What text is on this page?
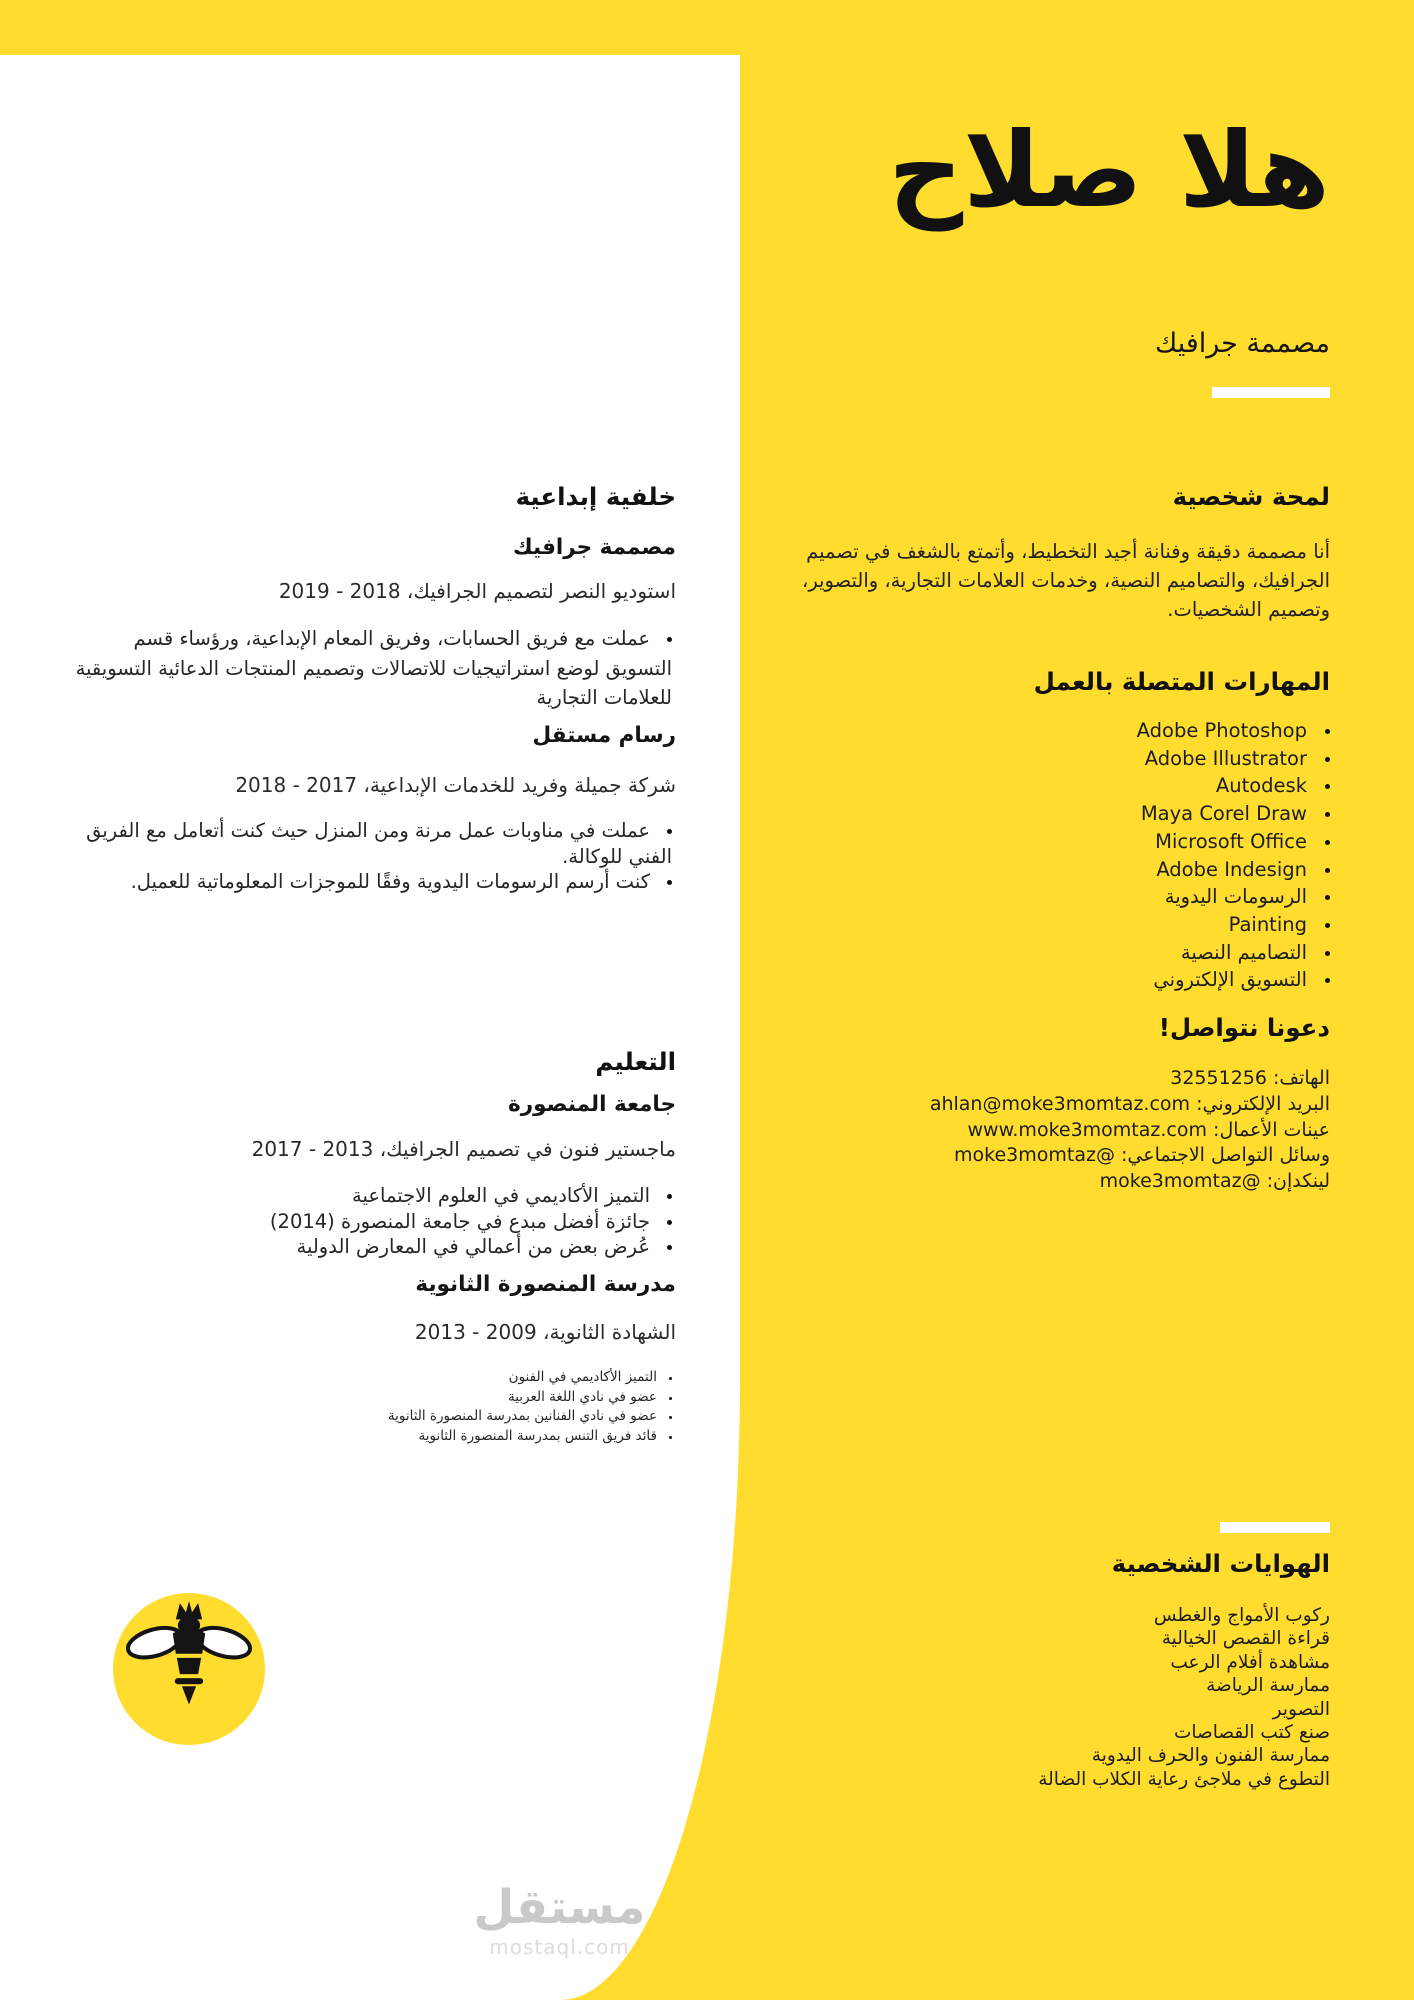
هلا صلاح
مصممة جرافيك
لمحة شخصية

أنا مصممة دقيقة وفنانة أجيد التخطيط، وأتمتع بالشغف في تصميم الجرافيك، والتصاميم النصية، وخدمات العلامات التجارية، والتصوير، وتصميم الشخصيات.

المهارات المتصلة بالعمل
• Adobe Photoshop
• Adobe Illustrator
• Autodesk
• Maya Corel Draw
• Microsoft Office
• Adobe Indesign
• الرسومات اليدوية
• Painting
• التصاميم النصية
• التسويق الإلكتروني
دعونا نتواصل!
الهاتف: 32551256
البريد الإلكتروني: ahlan@moke3momtaz.com
عينات الأعمال: www.moke3momtaz.com
وسائل التواصل الاجتماعي: @moke3momtaz
لينكدإن: @moke3momtaz
الهوايات الشخصية
ركوب الأمواج والغطس
قراءة القصص الخيالية
مشاهدة أفلام الرعب
ممارسة الرياضة
التصوير
صنع كتب القصاصات
ممارسة الفنون والحرف اليدوية
التطوع في ملاجئ رعاية الكلاب الضالة
خلفية إبداعية
مصممة جرافيك
استوديو النصر لتصميم الجرافيك، 2018 - 2019
• عملت مع فريق الحسابات، وفريق المعام الإبداعية، ورؤساء قسم التسويق لوضع استراتيجيات للاتصالات وتصميم المنتجات الدعائية التسويقية للعلامات التجارية
رسام مستقل
شركة جميلة وفريد للخدمات الإبداعية، 2017 - 2018
• عملت في مناوبات عمل مرنة ومن المنزل حيث كنت أتعامل مع الفريق الفني للوكالة.
• كنت أرسم الرسومات اليدوية وفقًا للموجزات المعلوماتية للعميل.
التعليم
جامعة المنصورة
ماجستير فنون في تصميم الجرافيك، 2013 - 2017
• التميز الأكاديمي في العلوم الاجتماعية
• جائزة أفضل مبدع في جامعة المنصورة (2014)
• عُرض بعض من أعمالي في المعارض الدولية
مدرسة المنصورة الثانوية
الشهادة الثانوية، 2009 - 2013
• التميز الأكاديمي في الفنون
• عضو في نادي اللغة العربية
• عضو في نادي الفنانين بمدرسة المنصورة الثانوية
• قائد فريق التنس بمدرسة المنصورة الثانوية
مستقل
mostaql.com
